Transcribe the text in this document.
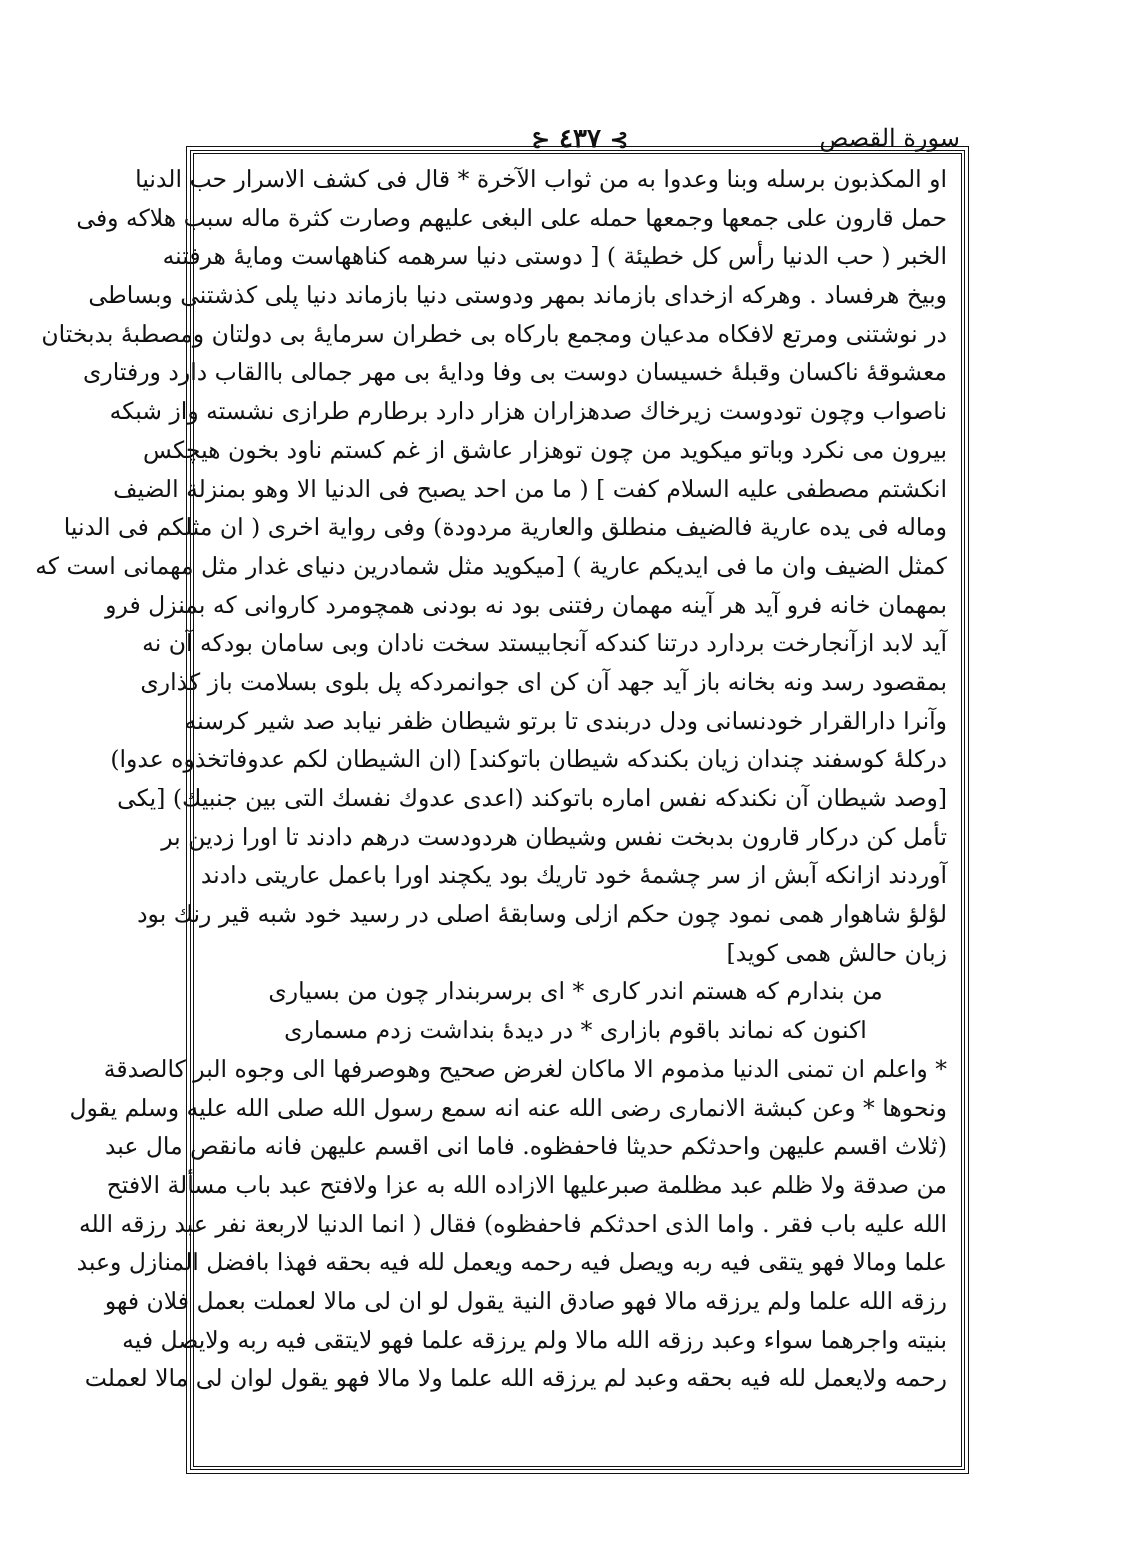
⊱ ٤٣٧ ⊰	سورة القصص
او المكذبون برسله وبنا وعدوا به من ثواب الآخرة * قال فى كشف الاسرار حب الدنيا
حمل قارون على جمعها وجمعها حمله على البغى عليهم وصارت كثرة ماله سبب هلاكه وفى
الخبر ( حب الدنيا رأس كل خطيئة ) [ دوستى دنيا سرهمه كناههاست ومايهٔ هرفتنه
وبيخ هرفساد . وهركه ازخداى بازماند بمهر ودوستى دنيا بازماند دنيا پلى كذشتنى وبساطى
در نوشتنى ومرتع لافكاه مدعيان ومجمع باركاه بى خطران سرمايهٔ بى دولتان ومصطبهٔ بدبختان
معشوقهٔ ناكسان وقبلهٔ خسيسان دوست بى وفا ودايهٔ بى مهر جمالى باالقاب دارد ورفتارى
ناصواب وچون تودوست زيرخاك صدهزاران هزار دارد برطارم طرازى نشسته واز شبكه
بيرون مى نكرد وباتو ميكويد من چون توهزار عاشق از غم كستم ناود بخون هيچكس
انكشتم مصطفى عليه السلام كفت ] ( ما من احد يصبح فى الدنيا الا وهو بمنزلة الضيف
وماله فى يده عارية فالضيف منطلق والعارية مردودة) وفى رواية اخرى ( ان مثلكم فى الدنيا
كمثل الضيف وان ما فى ايديكم عارية ) [ميكويد مثل شمادرين دنياى غدار مثل مهمانى است كه
بمهمان خانه فرو آيد هر آينه مهمان رفتنى بود نه بودنى همچومرد كاروانى كه بمنزل فرو
آيد لابد ازآنجارخت بردارد درتنا كندكه آنجابيستد سخت نادان وبى سامان بودكه آن نه
بمقصود رسد ونه بخانه باز آيد جهد آن كن اى جوانمردكه پل بلوى بسلامت باز كذارى
وآنرا دارالقرار خودنسانى ودل دربندى تا برتو شيطان ظفر نيابد صد شير كرسنه
دركلهٔ كوسفند چندان زيان بكندكه شيطان باتوكند] (ان الشيطان لكم عدوفاتخذوه عدوا)
[وصد شيطان آن نكندكه نفس اماره باتوكند (اعدى عدوك نفسك التى بين جنبيك) [يكى
تأمل كن دركار قارون بدبخت نفس وشيطان هردودست درهم دادند تا اورا زدين بر
آوردند ازانكه آبش از سر چشمهٔ خود تاريك بود يكچند اورا باعمل عاريتى دادند
لؤلؤ شاهوار همى نمود چون حكم ازلى وسابقهٔ اصلى در رسيد خود شبه قير رنك بود
زبان حالش همى كويد]
من بندارم كه هستم اندر كارى * اى برسربندار چون من بسيارى
اكنون كه نماند باقوم بازارى * در ديدهٔ بنداشت زدم مسمارى
* واعلم ان تمنى الدنيا مذموم الا ماكان لغرض صحيح وهوصرفها الى وجوه البر كالصدقة
ونحوها * وعن كبشة الانمارى رضى الله عنه انه سمع رسول الله صلى الله عليه وسلم يقول
(ثلاث اقسم عليهن واحدثكم حديثا فاحفظوه. فاما انى اقسم عليهن فانه مانقص مال عبد
من صدقة ولا ظلم عبد مظلمة صبرعليها الازاده الله به عزا ولافتح عبد باب مسألة الافتح
الله عليه باب فقر . واما الذى احدثكم فاحفظوه) فقال ( انما الدنيا لاربعة نفر عبد رزقه الله
علما ومالا فهو يتقى فيه ربه ويصل فيه رحمه ويعمل لله فيه بحقه فهذا بافضل المنازل وعبد
رزقه الله علما ولم يرزقه مالا فهو صادق النية يقول لو ان لى مالا لعملت بعمل فلان فهو
بنيته واجرهما سواء وعبد رزقه الله مالا ولم يرزقه علما فهو لايتقى فيه ربه ولايصل فيه
رحمه ولايعمل لله فيه بحقه وعبد لم يرزقه الله علما ولا مالا فهو يقول لوان لى مالا لعملت
